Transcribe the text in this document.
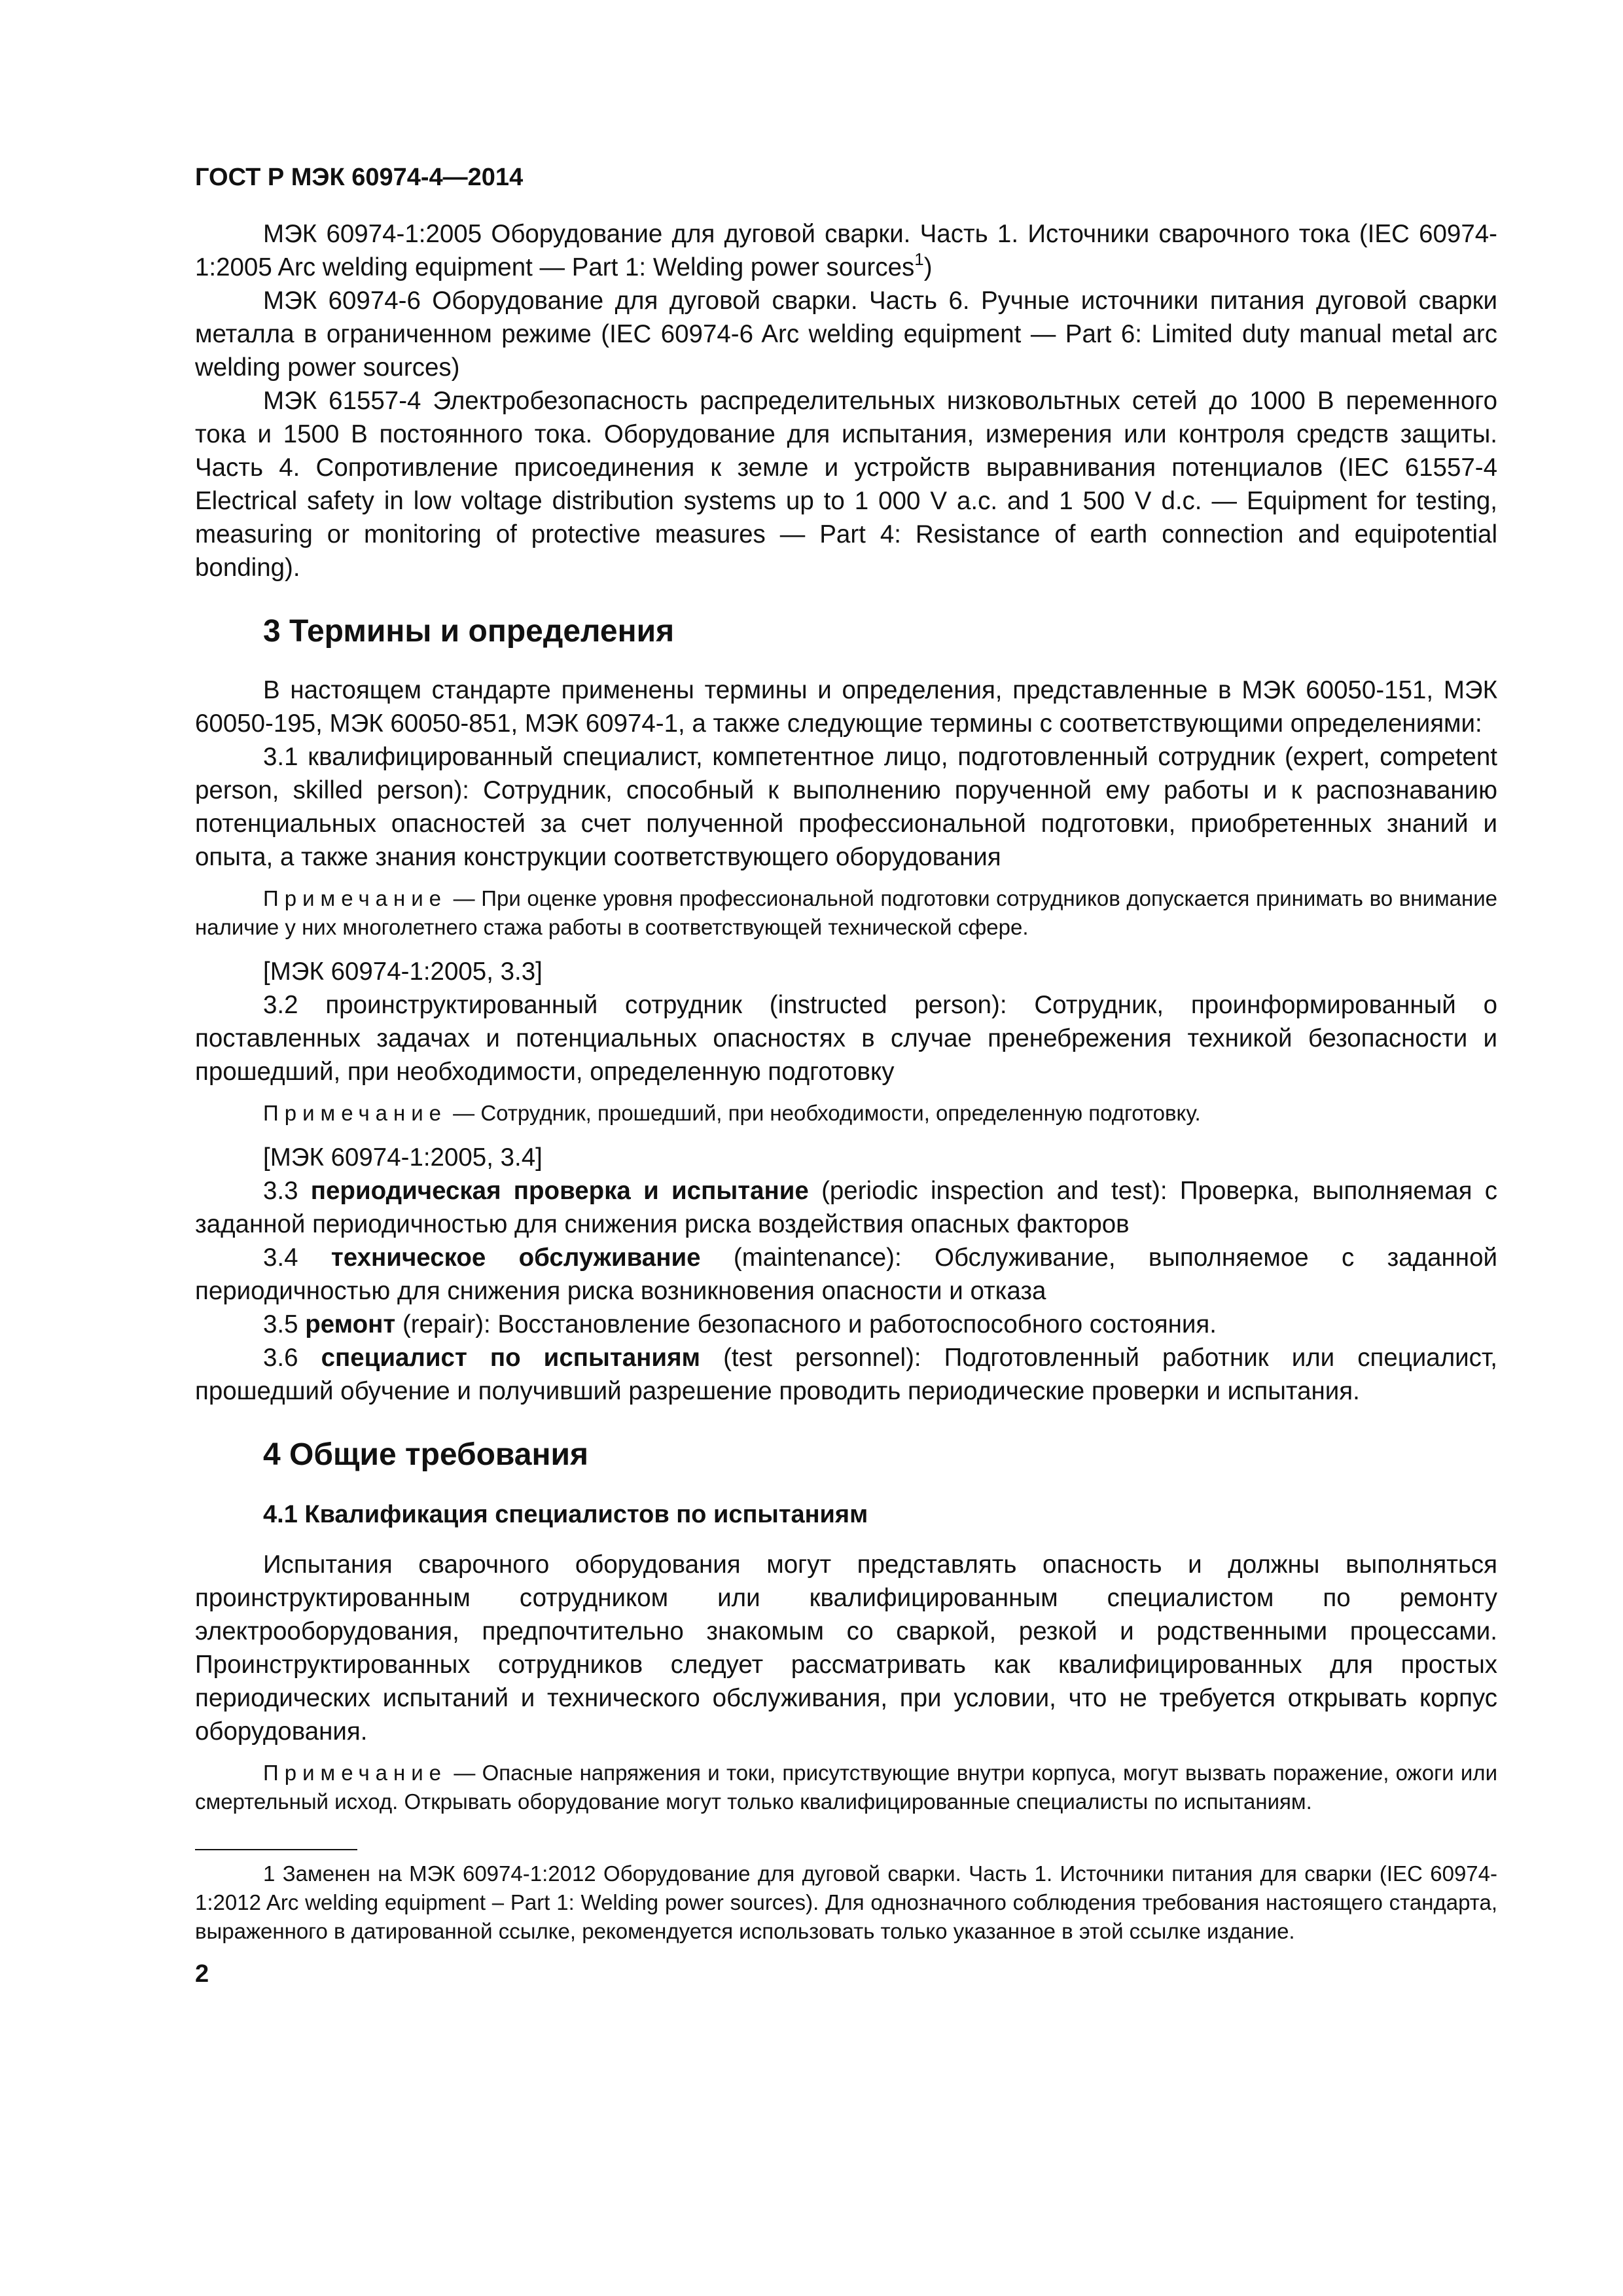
ГОСТ Р МЭК 60974-4—2014

МЭК 60974-1:2005 Оборудование для дуговой сварки. Часть 1. Источники сварочного тока (IEC 60974-1:2005 Arc welding equipment — Part 1: Welding power sources$^1$)

МЭК 60974-6 Оборудование для дуговой сварки. Часть 6. Ручные источники питания дуговой сварки металла в ограниченном режиме (IEC 60974-6 Arc welding equipment — Part 6: Limited duty manual metal arc welding power sources)

МЭК 61557-4 Электробезопасность распределительных низковольтных сетей до 1000 В переменного тока и 1500 В постоянного тока. Оборудование для испытания, измерения или контроля средств защиты. Часть 4. Сопротивление присоединения к земле и устройств выравнивания потенциалов (IEC 61557-4 Electrical safety in low voltage distribution systems up to 1 000 V a.c. and 1 500 V d.c. — Equipment for testing, measuring or monitoring of protective measures — Part 4: Resistance of earth connection and equipotential bonding).

3 Термины и определения

В настоящем стандарте применены термины и определения, представленные в МЭК 60050-151, МЭК 60050-195, МЭК 60050-851, МЭК 60974-1, а также следующие термины с соответствующими определениями:

3.1 квалифицированный специалист, компетентное лицо, подготовленный сотрудник (expert, competent person, skilled person): Сотрудник, способный к выполнению порученной ему работы и к распознаванию потенциальных опасностей за счет полученной профессиональной подготовки, приобретенных знаний и опыта, а также знания конструкции соответствующего оборудования

Примечание — При оценке уровня профессиональной подготовки сотрудников допускается принимать во внимание наличие у них многолетнего стажа работы в соответствующей технической сфере.

[МЭК 60974-1:2005, 3.3]

3.2 проинструктированный сотрудник (instructed person): Сотрудник, проинформированный о поставленных задачах и потенциальных опасностях в случае пренебрежения техникой безопасности и прошедший, при необходимости, определенную подготовку

Примечание — Сотрудник, прошедший, при необходимости, определенную подготовку.

[МЭК 60974-1:2005, 3.4]

3.3 периодическая проверка и испытание (periodic inspection and test): Проверка, выполняемая с заданной периодичностью для снижения риска воздействия опасных факторов

3.4 техническое обслуживание (maintenance): Обслуживание, выполняемое с заданной периодичностью для снижения риска возникновения опасности и отказа

3.5 ремонт (repair): Восстановление безопасного и работоспособного состояния.

3.6 специалист по испытаниям (test personnel): Подготовленный работник или специалист, прошедший обучение и получивший разрешение проводить периодические проверки и испытания.

4 Общие требования
4.1 Квалификация специалистов по испытаниям

Испытания сварочного оборудования могут представлять опасность и должны выполняться проинструктированным сотрудником или квалифицированным специалистом по ремонту электрооборудования, предпочтительно знакомым со сваркой, резкой и родственными процессами. Проинструктированных сотрудников следует рассматривать как квалифицированных для простых периодических испытаний и технического обслуживания, при условии, что не требуется открывать корпус оборудования.

Примечание — Опасные напряжения и токи, присутствующие внутри корпуса, могут вызвать поражение, ожоги или смертельный исход. Открывать оборудование могут только квалифицированные специалисты по испытаниям.

1 Заменен на МЭК 60974-1:2012 Оборудование для дуговой сварки. Часть 1. Источники питания для сварки (IEC 60974-1:2012 Arc welding equipment – Part 1: Welding power sources). Для однозначного соблюдения требования настоящего стандарта, выраженного в датированной ссылке, рекомендуется использовать только указанное в этой ссылке издание.

2
